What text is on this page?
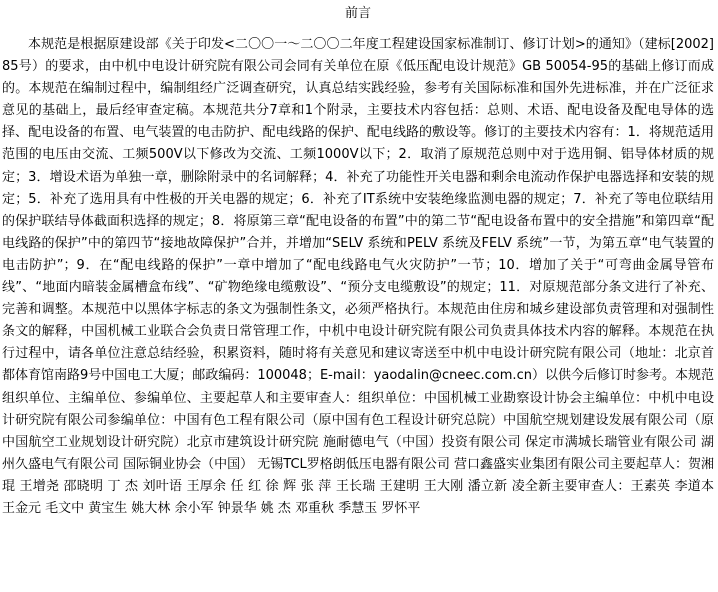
前言

本规范是根据原建设部《关于印发<二〇〇一～二〇〇二年度工程建设国家标准制订、修订计划>的通知》（建标[2002]85号）的要求，由中机中电设计研究院有限公司会同有关单位在原《低压配电设计规范》GB 50054-95的基础上修订而成的。本规范在编制过程中，编制组经广泛调查研究，认真总结实践经验，参考有关国际标准和国外先进标准，并在广泛征求意见的基础上，最后经审查定稿。本规范共分7章和1个附录，主要技术内容包括：总则、术语、配电设备及配电导体的选择、配电设备的布置、电气装置的电击防护、配电线路的保护、配电线路的敷设等。修订的主要技术内容有：1．将规范适用范围的电压由交流、工频500V以下修改为交流、工频1000V以下；2．取消了原规范总则中对于选用铜、铝导体材质的规定；3．增设术语为单独一章，删除附录中的名词解释；4．补充了功能性开关电器和剩余电流动作保护电器选择和安装的规定；5．补充了选用具有中性极的开关电器的规定；6．补充了IT系统中安装绝缘监测电器的规定；7．补充了等电位联结用的保护联结导体截面积选择的规定；8．将原第三章“配电设备的布置”中的第二节“配电设备布置中的安全措施”和第四章“配电线路的保护”中的第四节“接地故障保护”合并，并增加“SELV 系统和PELV 系统及FELV 系统”一节，为第五章“电气装置的电击防护”；9．在“配电线路的保护”一章中增加了“配电线路电气火灾防护”一节；10．增加了关于“可弯曲金属导管布线”、“地面内暗装金属槽盒布线”、“矿物绝缘电缆敷设”、“预分支电缆敷设”的规定；11．对原规范部分条文进行了补充、完善和调整。本规范中以黑体字标志的条文为强制性条文，必须严格执行。本规范由住房和城乡建设部负责管理和对强制性条文的解释，中国机械工业联合会负责日常管理工作，中机中电设计研究院有限公司负责具体技术内容的解释。本规范在执行过程中，请各单位注意总结经验，积累资料，随时将有关意见和建议寄送至中机中电设计研究院有限公司（地址：北京首都体育馆南路9号中国电工大厦；邮政编码：100048；E-mail：yaodalin@cneec.com.cn）以供今后修订时参考。本规范组织单位、主编单位、参编单位、主要起草人和主要审查人：组织单位：中国机械工业勘察设计协会主编单位：中机中电设计研究院有限公司参编单位：中国有色工程有限公司（原中国有色工程设计研究总院）中国航空规划建设发展有限公司（原中国航空工业规划设计研究院）北京市建筑设计研究院 施耐德电气（中国）投资有限公司 保定市满城长瑞管业有限公司 湖州久盛电气有限公司 国际铜业协会（中国） 无锡TCL罗格朗低压电器有限公司 营口鑫盛实业集团有限公司主要起草人：贺湘琨 王增尧 邵晓明 丁 杰 刘叶语 王厚余 任 红 徐 辉 张 萍 王长瑞 王建明 王大刚 潘立新 凌全新主要审查人：王素英 李道本 王金元 毛文中 黄宝生 姚大林 余小军 钟景华 姚 杰 邓重秋 季慧玉 罗怀平
